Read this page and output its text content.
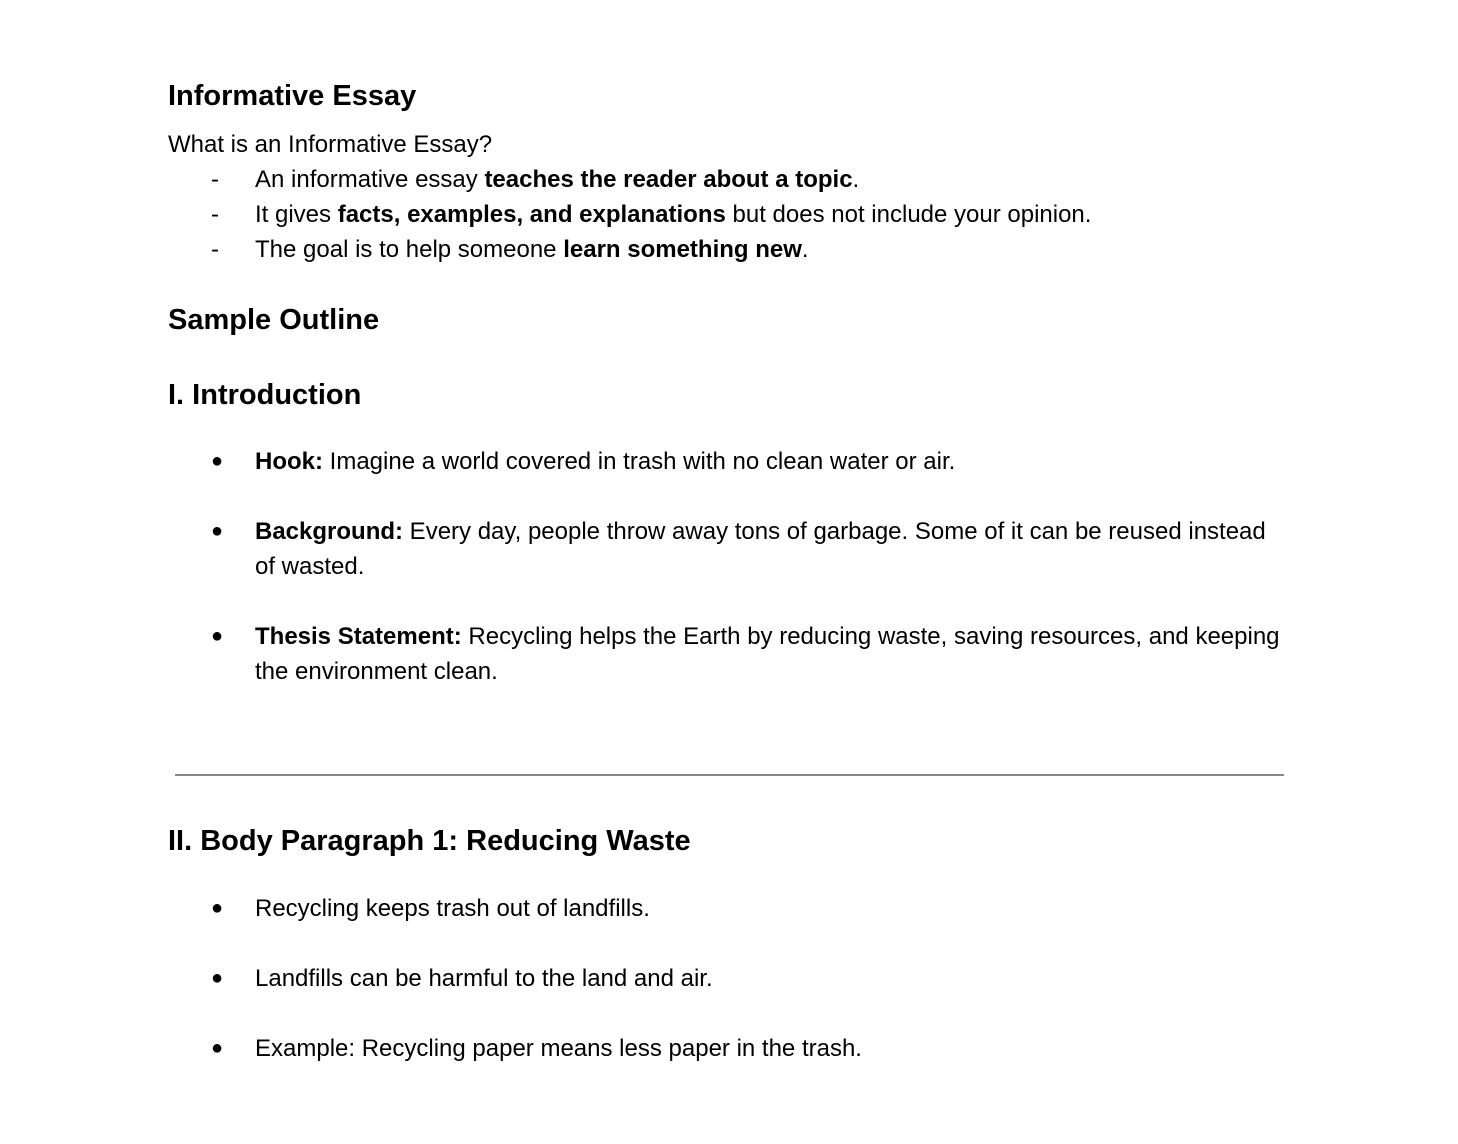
Informative Essay

What is an Informative Essay?

- An informative essay teaches the reader about a topic.
- It gives facts, examples, and explanations but does not include your opinion.
- The goal is to help someone learn something new.
Sample Outline
I. Introduction
● Hook: Imagine a world covered in trash with no clean water or air.
● Background: Every day, people throw away tons of garbage. Some of it can be reused instead of wasted.
● Thesis Statement: Recycling helps the Earth by reducing waste, saving resources, and keeping the environment clean.
II. Body Paragraph 1: Reducing Waste
● Recycling keeps trash out of landfills.
● Landfills can be harmful to the land and air.
● Example: Recycling paper means less paper in the trash.
